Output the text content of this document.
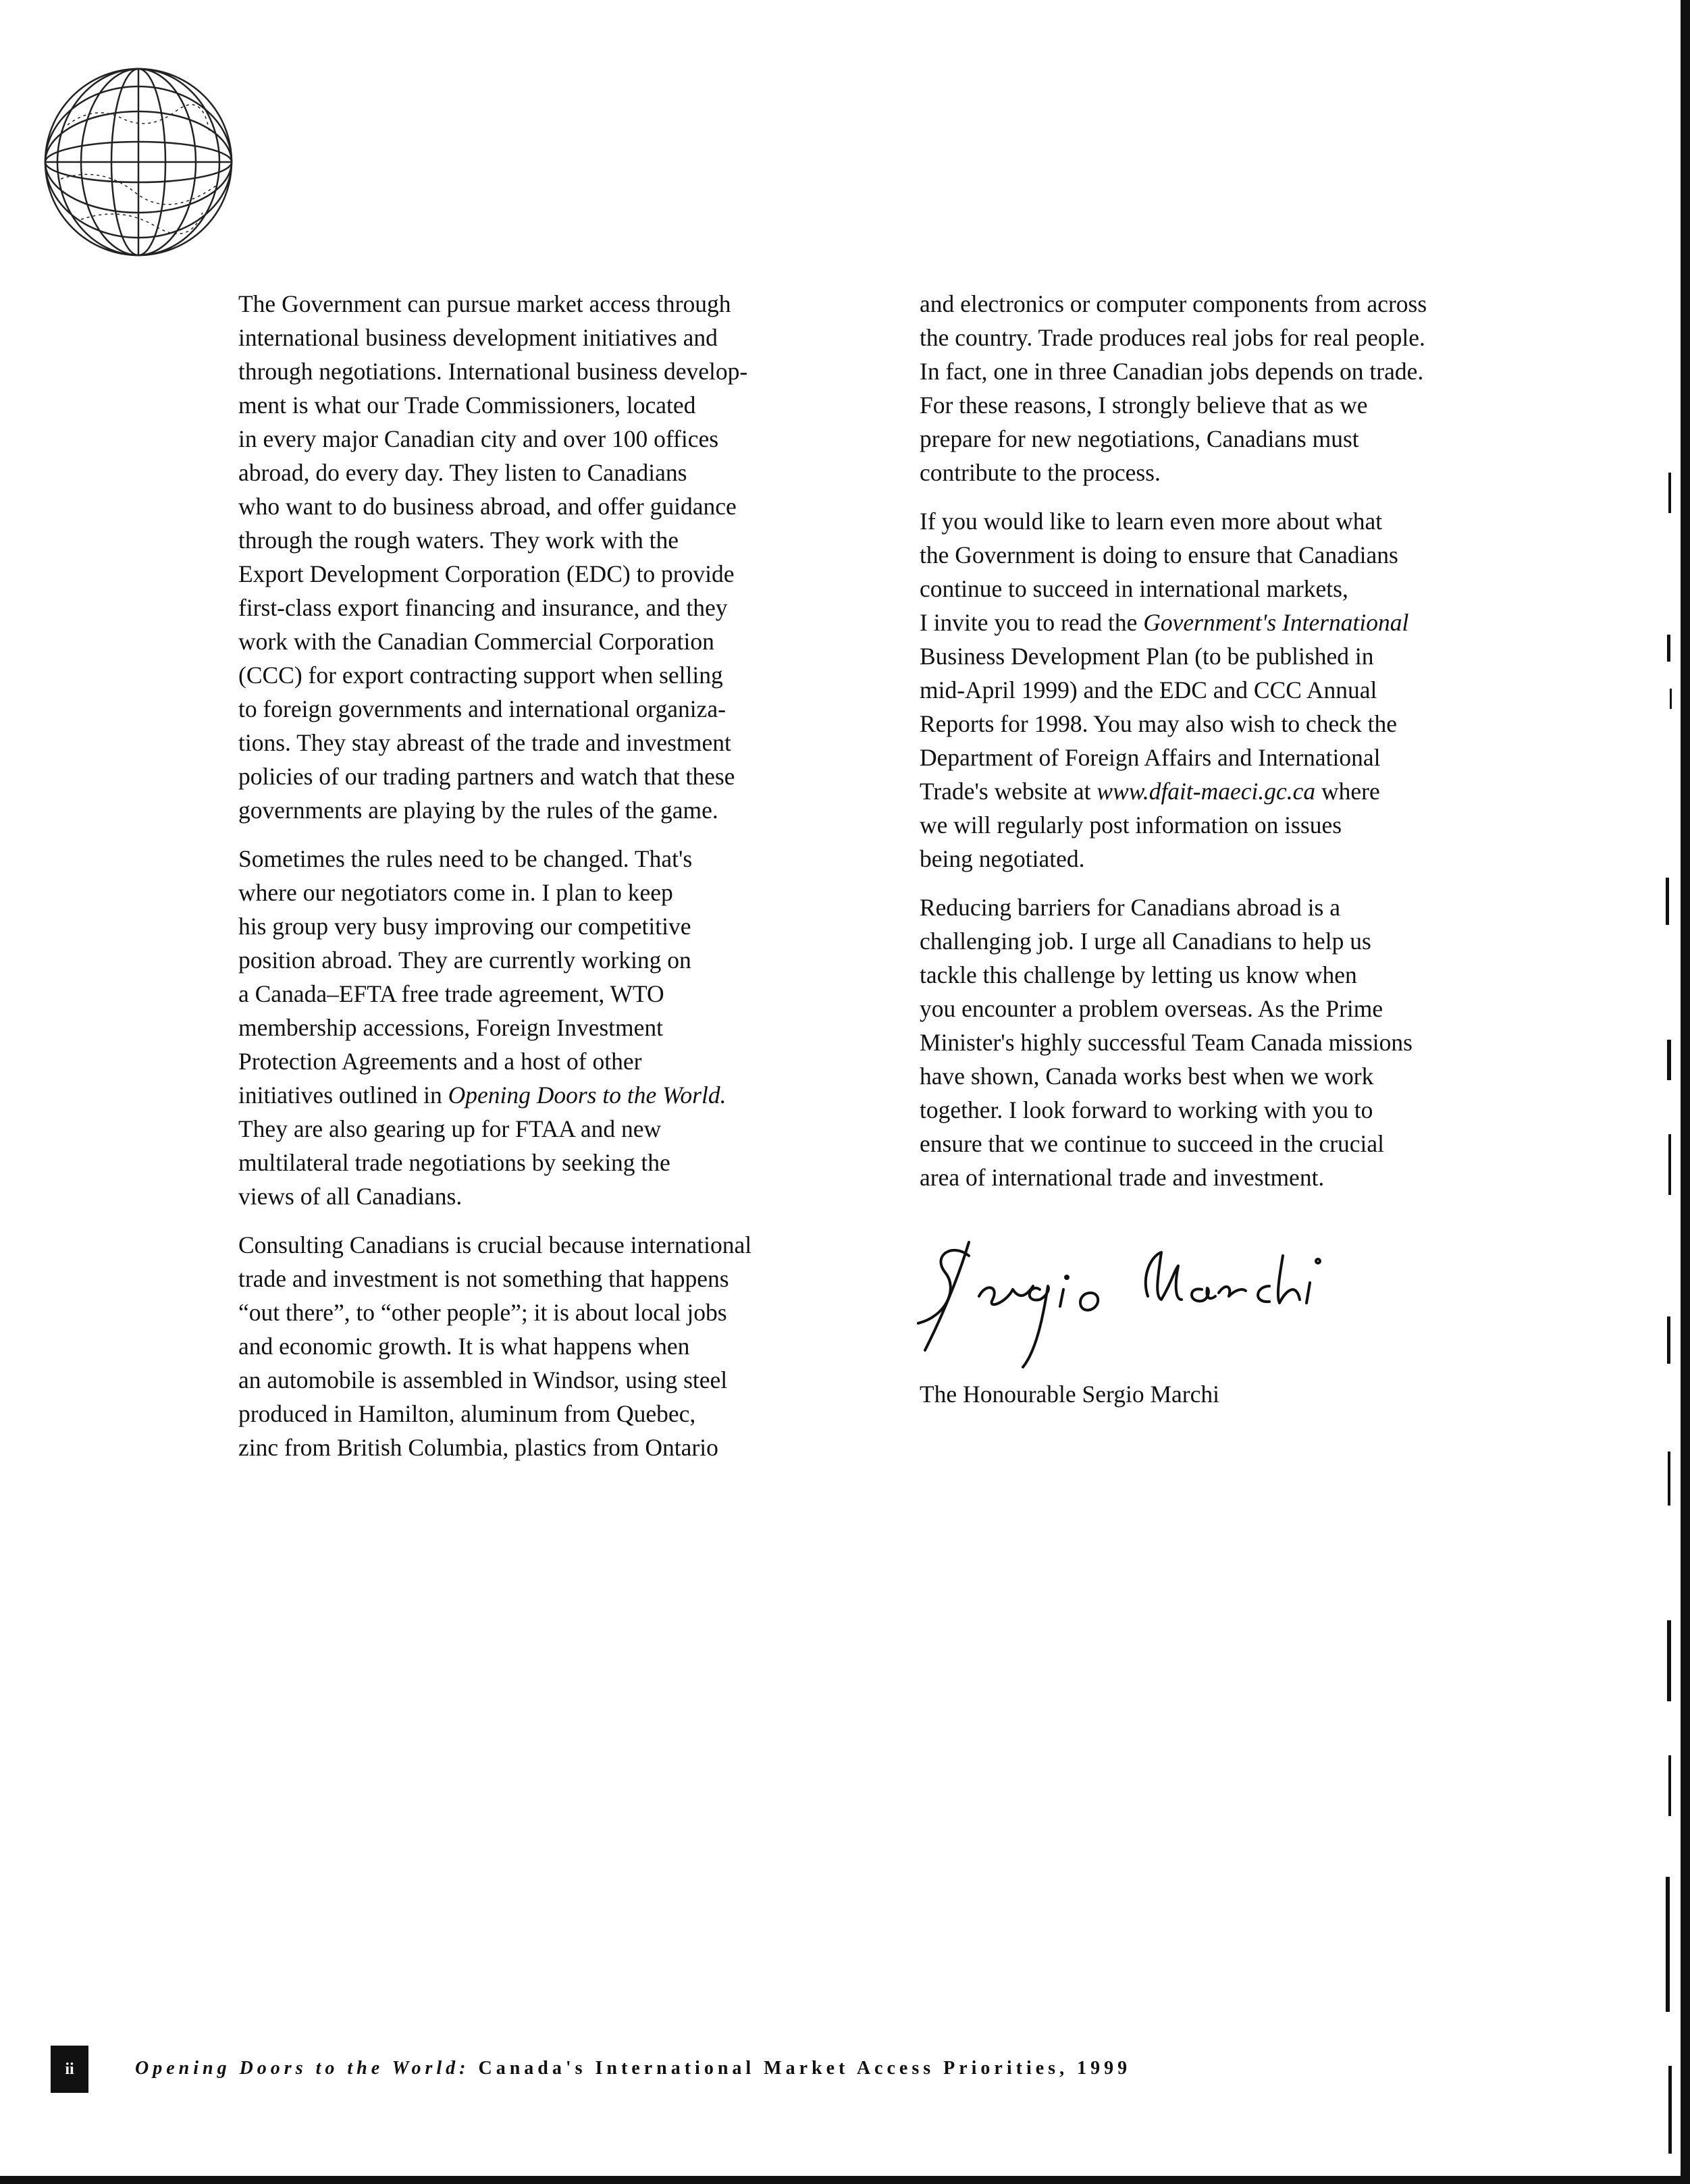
The Government can pursue market access through
international business development initiatives and
through negotiations. International business develop-
ment is what our Trade Commissioners, located
in every major Canadian city and over 100 offices
abroad, do every day. They listen to Canadians
who want to do business abroad, and offer guidance
through the rough waters. They work with the
Export Development Corporation (EDC) to provide
first-class export financing and insurance, and they
work with the Canadian Commercial Corporation
(CCC) for export contracting support when selling
to foreign governments and international organiza-
tions. They stay abreast of the trade and investment
policies of our trading partners and watch that these
governments are playing by the rules of the game.

Sometimes the rules need to be changed. That's
where our negotiators come in. I plan to keep
his group very busy improving our competitive
position abroad. They are currently working on
a Canada–EFTA free trade agreement, WTO
membership accessions, Foreign Investment
Protection Agreements and a host of other
initiatives outlined in Opening Doors to the World.
They are also gearing up for FTAA and new
multilateral trade negotiations by seeking the
views of all Canadians.

Consulting Canadians is crucial because international
trade and investment is not something that happens
“out there”, to “other people”; it is about local jobs
and economic growth. It is what happens when
an automobile is assembled in Windsor, using steel
produced in Hamilton, aluminum from Quebec,
zinc from British Columbia, plastics from Ontario

and electronics or computer components from across
the country. Trade produces real jobs for real people.
In fact, one in three Canadian jobs depends on trade.
For these reasons, I strongly believe that as we
prepare for new negotiations, Canadians must
contribute to the process.

If you would like to learn even more about what
the Government is doing to ensure that Canadians
continue to succeed in international markets,
I invite you to read the Government's International
Business Development Plan (to be published in
mid-April 1999) and the EDC and CCC Annual
Reports for 1998. You may also wish to check the
Department of Foreign Affairs and International
Trade's website at www.dfait-maeci.gc.ca where
we will regularly post information on issues
being negotiated.

Reducing barriers for Canadians abroad is a
challenging job. I urge all Canadians to help us
tackle this challenge by letting us know when
you encounter a problem overseas. As the Prime
Minister's highly successful Team Canada missions
have shown, Canada works best when we work
together. I look forward to working with you to
ensure that we continue to succeed in the crucial
area of international trade and investment.

The Honourable Sergio Marchi
ii	Opening Doors to the World: Canada's International Market Access Priorities, 1999
